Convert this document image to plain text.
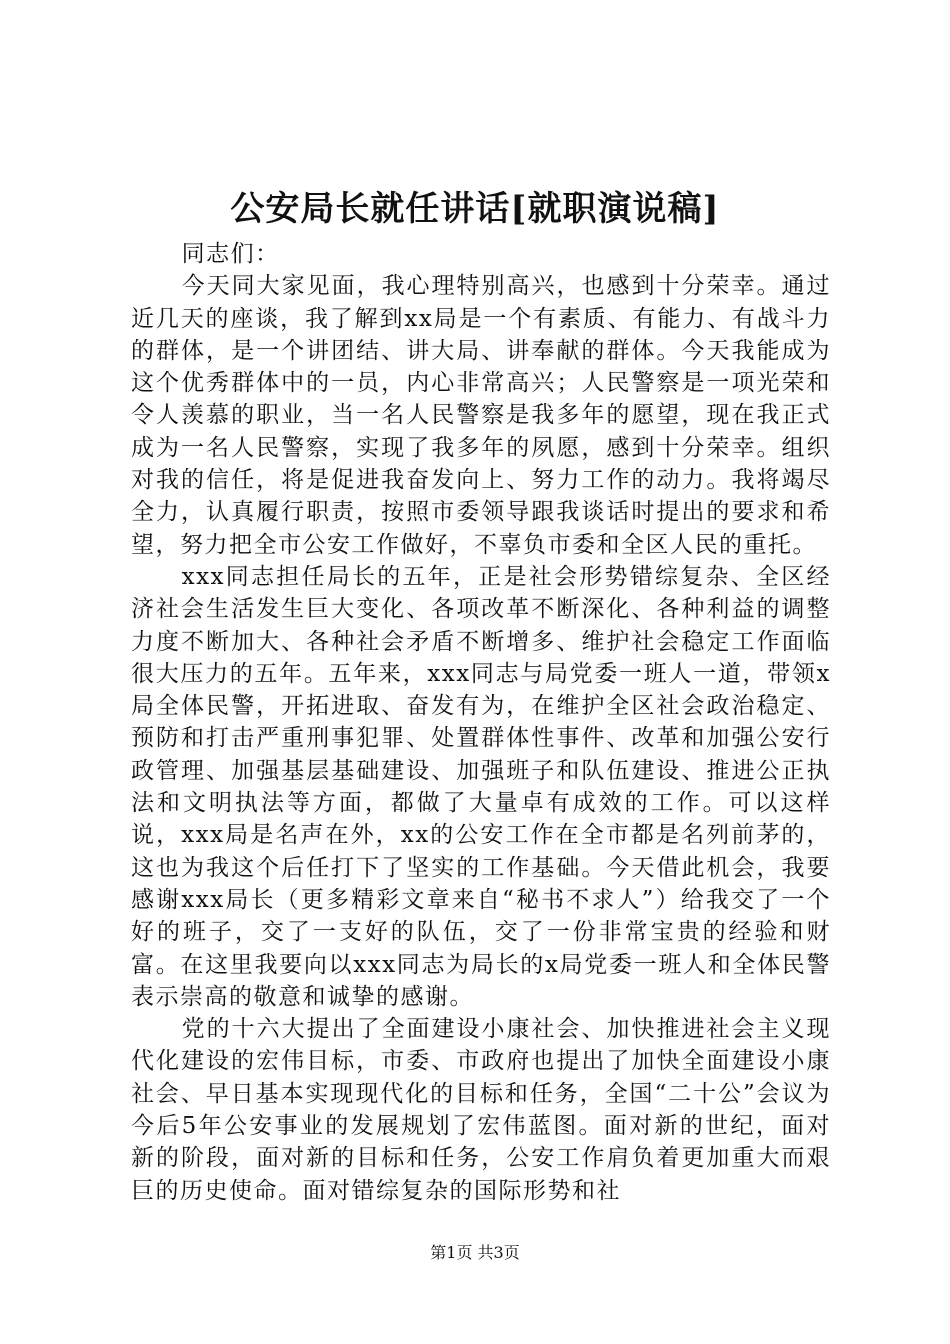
公安局长就任讲话[就职演说稿]

同志们：

今天同大家见面，我心理特别高兴，也感到十分荣幸。通过近几天的座谈，我了解到xx局是一个有素质、有能力、有战斗力的群体，是一个讲团结、讲大局、讲奉献的群体。今天我能成为这个优秀群体中的一员，内心非常高兴；人民警察是一项光荣和令人羡慕的职业，当一名人民警察是我多年的愿望，现在我正式成为一名人民警察，实现了我多年的夙愿，感到十分荣幸。组织对我的信任，将是促进我奋发向上、努力工作的动力。我将竭尽全力，认真履行职责，按照市委领导跟我谈话时提出的要求和希望，努力把全市公安工作做好，不辜负市委和全区人民的重托。

xxx同志担任局长的五年，正是社会形势错综复杂、全区经济社会生活发生巨大变化、各项改革不断深化、各种利益的调整力度不断加大、各种社会矛盾不断增多、维护社会稳定工作面临很大压力的五年。五年来，xxx同志与局党委一班人一道，带领x局全体民警，开拓进取、奋发有为，在维护全区社会政治稳定、预防和打击严重刑事犯罪、处置群体性事件、改革和加强公安行政管理、加强基层基础建设、加强班子和队伍建设、推进公正执法和文明执法等方面，都做了大量卓有成效的工作。可以这样说，xxx局是名声在外，xx的公安工作在全市都是名列前茅的，这也为我这个后任打下了坚实的工作基础。今天借此机会，我要感谢xxx局长（更多精彩文章来自“秘书不求人”）给我交了一个好的班子，交了一支好的队伍，交了一份非常宝贵的经验和财富。在这里我要向以xxx同志为局长的x局党委一班人和全体民警表示崇高的敬意和诚挚的感谢。

党的十六大提出了全面建设小康社会、加快推进社会主义现代化建设的宏伟目标，市委、市政府也提出了加快全面建设小康社会、早日基本实现现代化的目标和任务，全国“二十公”会议为今后5年公安事业的发展规划了宏伟蓝图。面对新的世纪，面对新的阶段，面对新的目标和任务，公安工作肩负着更加重大而艰巨的历史使命。面对错综复杂的国际形势和社

第1页 共3页
